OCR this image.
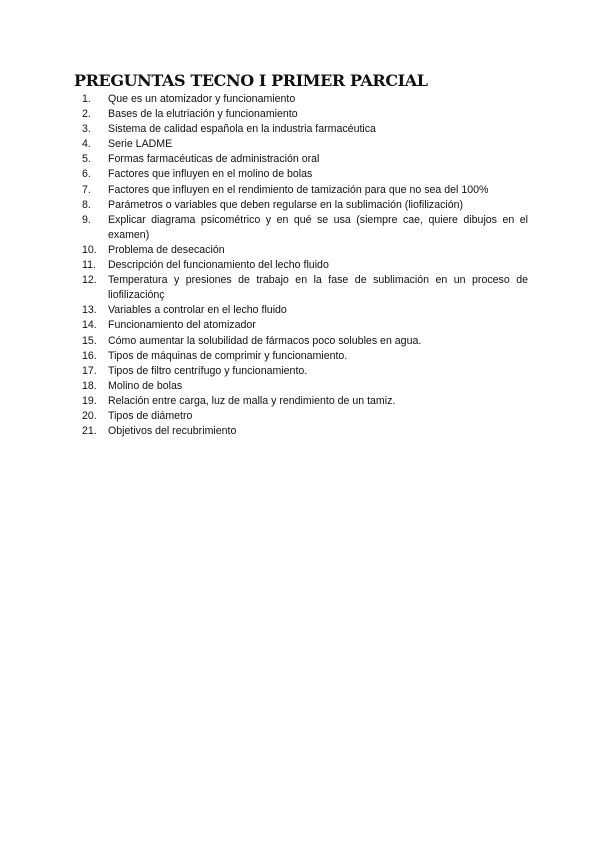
PREGUNTAS TECNO I PRIMER PARCIAL
1.	Que es un atomizador y funcionamiento
2.	Bases de la elutriación y funcionamiento
3.	Sistema de calidad española en la industria farmacéutica
4.	Serie LADME
5.	Formas farmacéuticas de administración oral
6.	Factores que influyen en el molino de bolas
7.	Factores que influyen en el rendimiento de tamización para que no sea del 100%
8.	Parámetros o variables que deben regularse en la sublimación (liofilización)
9.	Explicar diagrama psicométrico y en qué se usa (siempre cae, quiere dibujos en el examen)
10.	Problema de desecación
11.	Descripción del funcionamiento del lecho fluido
12.	Temperatura y presiones de trabajo en la fase de sublimación en un proceso de liofilizaciónç
13.	Variables a controlar en el lecho fluido
14.	Funcionamiento del atomizador
15.	Cómo aumentar la solubilidad de fármacos poco solubles en agua.
16.	Tipos de máquinas de comprimir y funcionamiento.
17.	Tipos de filtro centrífugo y funcionamiento.
18.	Molino de bolas
19.	Relación entre carga, luz de malla y rendimiento de un tamiz.
20.	Tipos de diámetro
21.	Objetivos del recubrimiento
